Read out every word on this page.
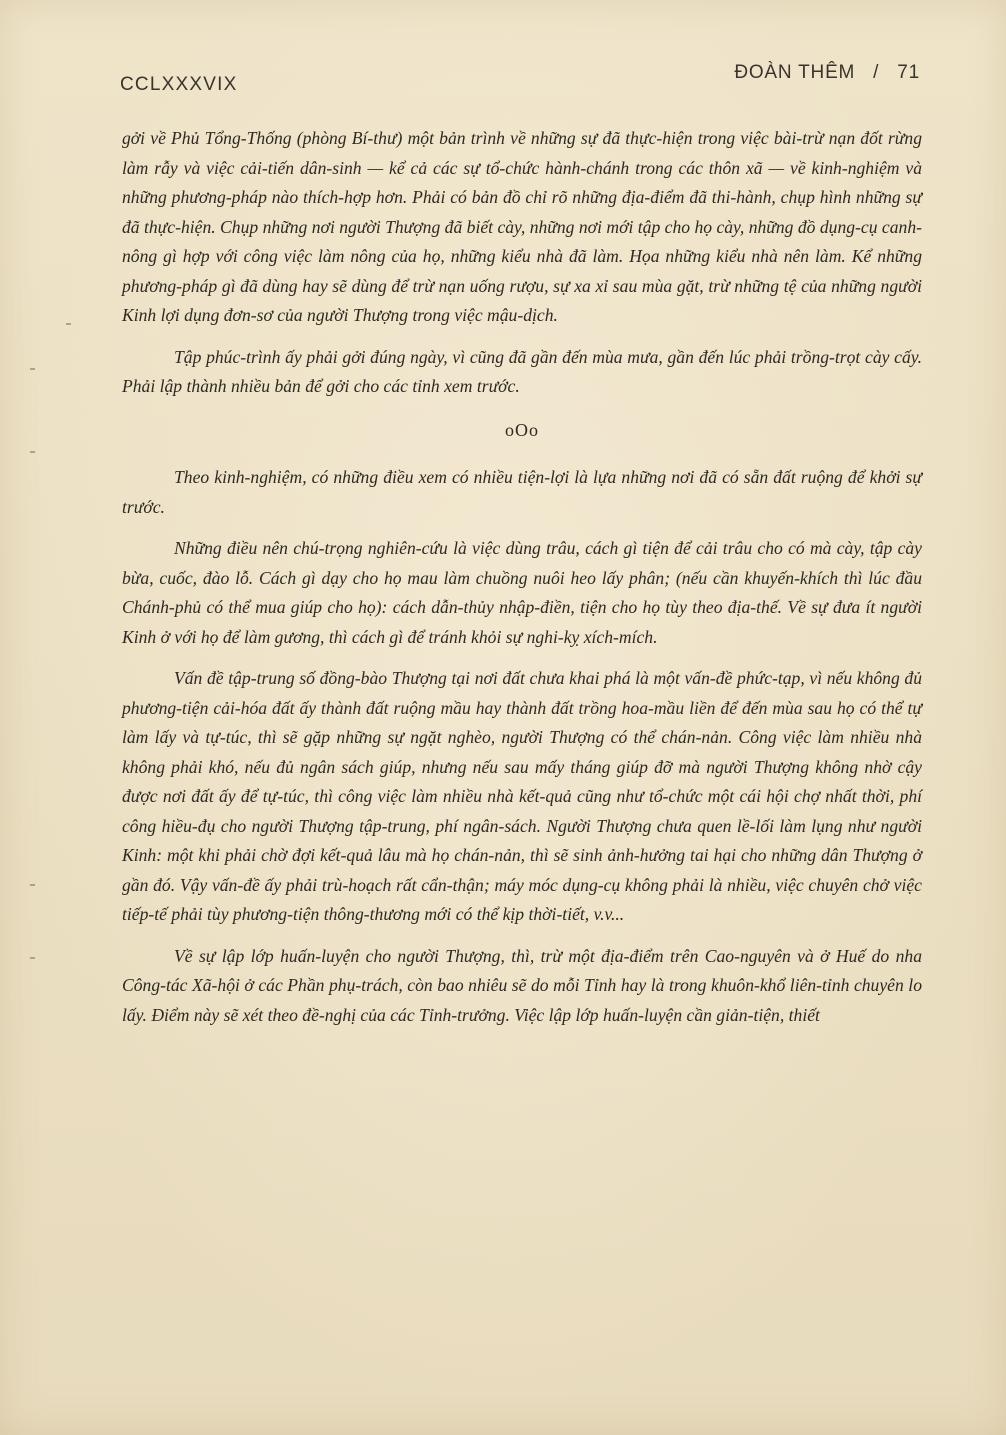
CCLXXXVIX
ĐOÀN THÊM / 71

gởi về Phủ Tổng-Thống (phòng Bí-thư) một bản trình về những sự đã thực-hiện trong việc bài-trừ nạn đốt rừng làm rẫy và việc cải-tiến dân-sinh — kể cả các sự tổ-chức hành-chánh trong các thôn xã — về kinh-nghiệm và những phương-pháp nào thích-hợp hơn. Phải có bản đồ chỉ rõ những địa-điểm đã thi-hành, chụp hình những sự đã thực-hiện. Chụp những nơi người Thượng đã biết cày, những nơi mới tập cho họ cày, những đồ dụng-cụ canh-nông gì hợp với công việc làm nông của họ, những kiểu nhà đã làm. Họa những kiểu nhà nên làm. Kể những phương-pháp gì đã dùng hay sẽ dùng để trừ nạn uống rượu, sự xa xỉ sau mùa gặt, trừ những tệ của những người Kinh lợi dụng đơn-sơ của người Thượng trong việc mậu-dịch.

Tập phúc-trình ấy phải gởi đúng ngày, vì cũng đã gần đến mùa mưa, gần đến lúc phải trồng-trọt cày cấy. Phải lập thành nhiều bản để gởi cho các tỉnh xem trước.

oOo

Theo kinh-nghiệm, có những điều xem có nhiều tiện-lợi là lựa những nơi đã có sẵn đất ruộng để khởi sự trước.

Những điều nên chú-trọng nghiên-cứu là việc dùng trâu, cách gì tiện để cải trâu cho có mà cày, tập cày bừa, cuốc, đào lỗ. Cách gì dạy cho họ mau làm chuồng nuôi heo lấy phân; (nếu cần khuyến-khích thì lúc đầu Chánh-phủ có thể mua giúp cho họ): cách dẫn-thủy nhập-điền, tiện cho họ tùy theo địa-thế. Về sự đưa ít người Kinh ở với họ để làm gương, thì cách gì để tránh khỏi sự nghi-kỵ xích-mích.

Vấn đề tập-trung số đồng-bào Thượng tại nơi đất chưa khai phá là một vấn-đề phức-tạp, vì nếu không đủ phương-tiện cải-hóa đất ấy thành đất ruộng mầu hay thành đất trồng hoa-mầu liền để đến mùa sau họ có thể tự làm lấy và tự-túc, thì sẽ gặp những sự ngặt nghèo, người Thượng có thể chán-nản. Công việc làm nhiều nhà không phải khó, nếu đủ ngân sách giúp, nhưng nếu sau mấy tháng giúp đỡ mà người Thượng không nhờ cậy được nơi đất ấy để tự-túc, thì công việc làm nhiều nhà kết-quả cũng như tổ-chức một cái hội chợ nhất thời, phí công hiều-đụ cho người Thượng tập-trung, phí ngân-sách. Người Thượng chưa quen lề-lối làm lụng như người Kinh: một khi phải chờ đợi kết-quả lâu mà họ chán-nản, thì sẽ sinh ảnh-hưởng tai hại cho những dân Thượng ở gần đó. Vậy vấn-đề ấy phải trù-hoạch rất cẩn-thận; máy móc dụng-cụ không phải là nhiều, việc chuyên chở việc tiếp-tế phải tùy phương-tiện thông-thương mới có thể kịp thời-tiết, v.v...

Về sự lập lớp huấn-luyện cho người Thượng, thì, trừ một địa-điểm trên Cao-nguyên và ở Huế do nha Công-tác Xã-hội ở các Phần phụ-trách, còn bao nhiêu sẽ do mỗi Tỉnh hay là trong khuôn-khổ liên-tỉnh chuyên lo lấy. Điểm này sẽ xét theo đề-nghị của các Tỉnh-trưởng. Việc lập lớp huấn-luyện cần giản-tiện, thiết
